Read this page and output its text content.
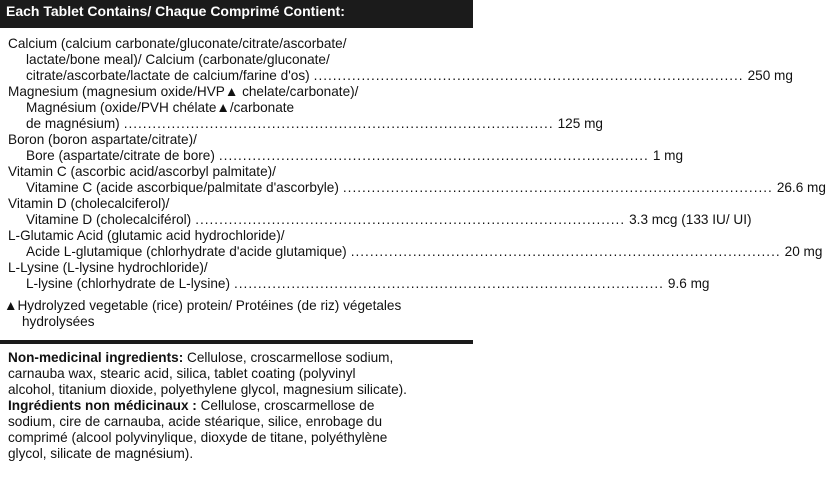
Each Tablet Contains/ Chaque Comprimé Contient:
Calcium (calcium carbonate/gluconate/citrate/ascorbate/
lactate/bone meal)/ Calcium (carbonate/gluconate/
citrate/ascorbate/lactate de calcium/farine d'os) .......................................................................................... 250 mg
Magnesium (magnesium oxide/HVP▲ chelate/carbonate)/
Magnésium (oxide/PVH chélate▲/carbonate
de magnésium) .......................................................................................... 125 mg
Boron (boron aspartate/citrate)/
Bore (aspartate/citrate de bore) .......................................................................................... 1 mg
Vitamin C (ascorbic acid/ascorbyl palmitate)/
Vitamine C (acide ascorbique/palmitate d'ascorbyle) .......................................................................................... 26.6 mg
Vitamin D (cholecalciferol)/
Vitamine D (cholecalciférol) .......................................................................................... 3.3 mcg (133 IU/ UI)
L-Glutamic Acid (glutamic acid hydrochloride)/
Acide L-glutamique (chlorhydrate d'acide glutamique) .......................................................................................... 20 mg
L-Lysine (L-lysine hydrochloride)/
L-lysine (chlorhydrate de L-lysine) .......................................................................................... 9.6 mg
▲Hydrolyzed vegetable (rice) protein/ Protéines (de riz) végetales
hydrolysées
Non-medicinal ingredients: Cellulose, croscarmellose sodium,
carnauba wax, stearic acid, silica, tablet coating (polyvinyl
alcohol, titanium dioxide, polyethylene glycol, magnesium silicate).
Ingrédients non médicinaux : Cellulose, croscarmellose de
sodium, cire de carnauba, acide stéarique, silice, enrobage du
comprimé (alcool polyvinylique, dioxyde de titane, polyéthylène
glycol, silicate de magnésium).
